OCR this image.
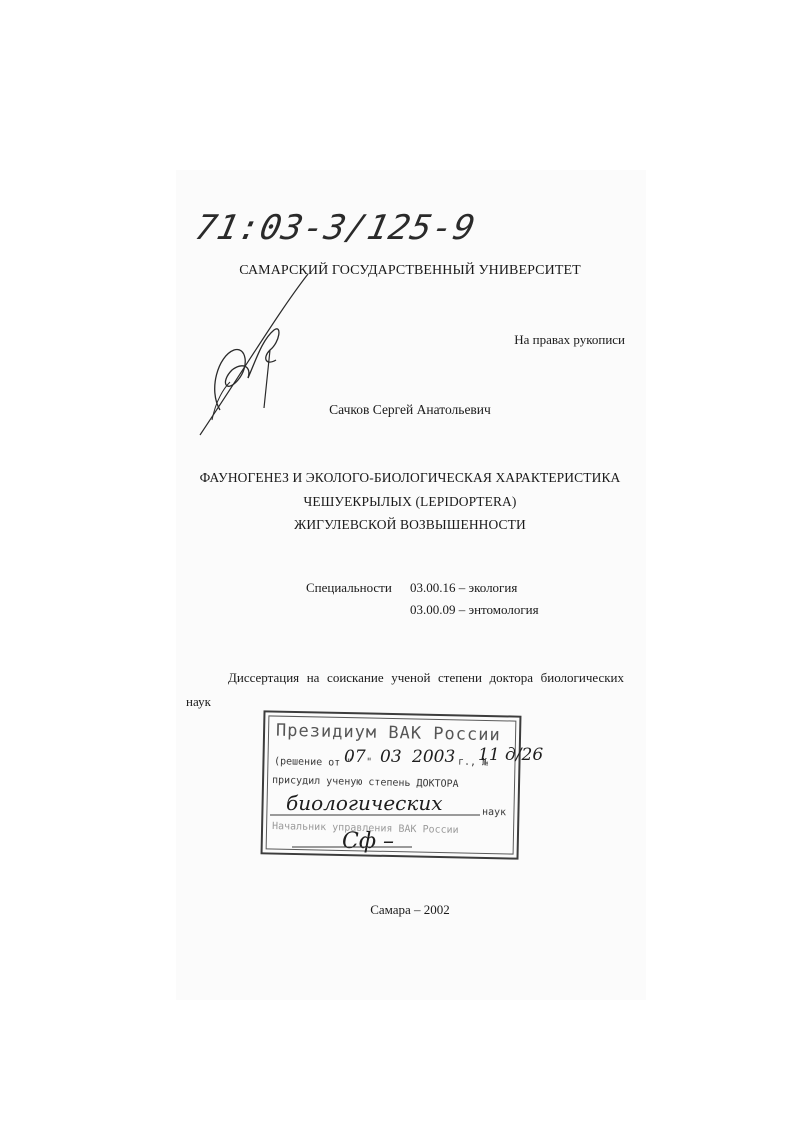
71:03-3/125-9
САМАРСКИЙ ГОСУДАРСТВЕННЫЙ УНИВЕРСИТЕТ
На правах рукописи
Сачков Сергей Анатольевич
ФАУНОГЕНЕЗ И ЭКОЛОГО-БИОЛОГИЧЕСКАЯ ХАРАКТЕРИСТИКА
ЧЕШУЕКРЫЛЫХ (LEPIDOPTERA)
ЖИГУЛЕВСКОЙ ВОЗВЫШЕННОСТИ
Специальности 03.00.16 – экология
03.00.09 – энтомология
Диссертация на соискание ученой степени доктора биологических
наук
Президиум ВАК России
(решение от "
07 " 03 2003 г., №
11 д/26
присудил ученую степень ДОКТОРА
биологических	наук
Начальник управления ВАК России
Сф –
Самара – 2002
